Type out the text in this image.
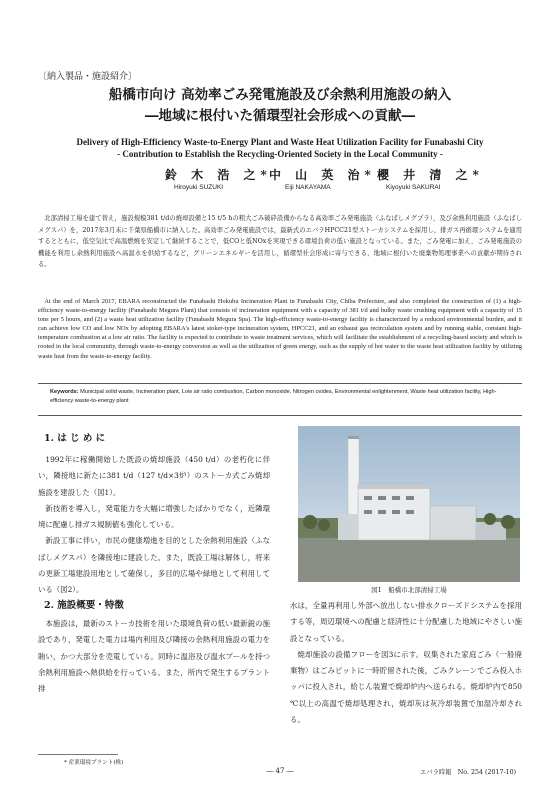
〔納入製品・施設紹介〕
船橋市向け 高効率ごみ発電施設及び余熱利用施設の納入
―地域に根付いた循環型社会形成への貢献―
Delivery of High-Efficiency Waste-to-Energy Plant and Waste Heat Utilization Facility for Funabashi City
- Contribution to Establish the Recycling-Oriented Society in the Local Community -
鈴 木 浩 之*
中 山 英 治* 櫻 井 清 之*
Hiroyuki SUZUKI	Eiji NAKAYAMA	Kiyoyuki SAKURAI
北部清掃工場を建て替え，施設規模381 t/dの焼却設備と15 t/5 hの粗大ごみ破砕設備からなる高効率ごみ発電施設（ふなばしメグプラ），及び余熱利用施設（ふなばしメグスパ）を，2017年3月末に千葉県船橋市に納入した。高効率ごみ発電施設では，最新式のエバラHPCC21型ストーカシステムを採用し，排ガス再循環システムを適用するとともに，低空気比で高温燃焼を安定して継続することで，低COと低NOxを実現できる環境負荷の低い施設となっている。また，ごみ発電に加え，ごみ発電施設の機能を利用し余熱利用施設へ高温水を供給するなど，グリーンエネルギーを活用し，循環型社会形成に寄与できる，地域に根付いた廃棄物処理事業への貢献が期待される。
At the end of March 2017, EBARA reconstructed the Funabashi Hokubu Incineration Plant in Funabashi City, Chiba Prefecture, and also completed the construction of (1) a high-efficiency waste-to-energy facility (Funabashi Megura Plant) that consists of incineration equipment with a capacity of 381 t/d and bulky waste crushing equipment with a capacity of 15 tons per 5 hours, and (2) a waste heat utilization facility (Funabashi Megura Spa). The high-efficiency waste-to-energy facility is characterized by a reduced environmental burden, and it can achieve low CO and low NOx by adopting EBARA's latest stoker-type incineration system, HPCC21, and an exhaust gas recirculation system and by running stable, constant high-temperature combustion at a low air ratio. The facility is expected to contribute to waste treatment services, which will facilitate the establishment of a recycling-based society and which is rooted in the local community, through waste-to-energy conversion as well as the utilization of green energy, such as the supply of hot water to the waste heat utilization facility by utilizing waste heat from the waste-to-energy facility.
Keywords: Municipal solid waste, Incineration plant, Low air ratio combustion, Carbon monoxide, Nitrogen oxides, Environmental enlightenment, Waste heat utilization facility, High-efficiency waste-to-energy plant
1. は じ め に

1992年に稼働開始した既設の焼却施設（450 t/d）の老朽化に伴い，隣接地に新たに381 t/d（127 t/d×3炉）のストーカ式ごみ焼却施設を建設した（図1）。

新技術を導入し，発電能力を大幅に増強したばかりでなく，近隣環境に配慮し排ガス規制値も強化している。

新設工事に伴い，市民の健康増進を目的とした余熱利用施設（ふなばしメグスパ）を隣接地に建設した。また，既設工場は解体し，将来の更新工場建設用地として確保し，多目的広場や緑地として利用している（図2）。

2. 施設概要・特徴

本施設は，最新のストーカ技術を用いた環境負荷の低い最新鋭の施設であり，発電した電力は場内利用及び隣接の余熱利用施設の電力を賄い，かつ大部分を売電している。同時に温浴及び温水プールを持つ余熱利用施設へ熱供給を行っている。また，所内で発生するプラント排

図1　船橋市北部清掃工場

水は，全量再利用し外部へ放出しない排水クローズドシステムを採用する等，周辺環境への配慮と経済性に十分配慮した地域にやさしい施設となっている。

焼却施設の設備フローを図3に示す。収集された家庭ごみ（一般廃棄物）はごみピットに一時貯留された後，ごみクレーンでごみ投入ホッパに投入され，給じん装置で焼却炉内へ送られる。焼却炉内で850 ℃以上の高温で焼却処理され，焼却灰は灰冷却装置で加湿冷却される。

* 産業環境プラント(株)
― 47 ―	エバラ時報　No. 254 (2017-10)
